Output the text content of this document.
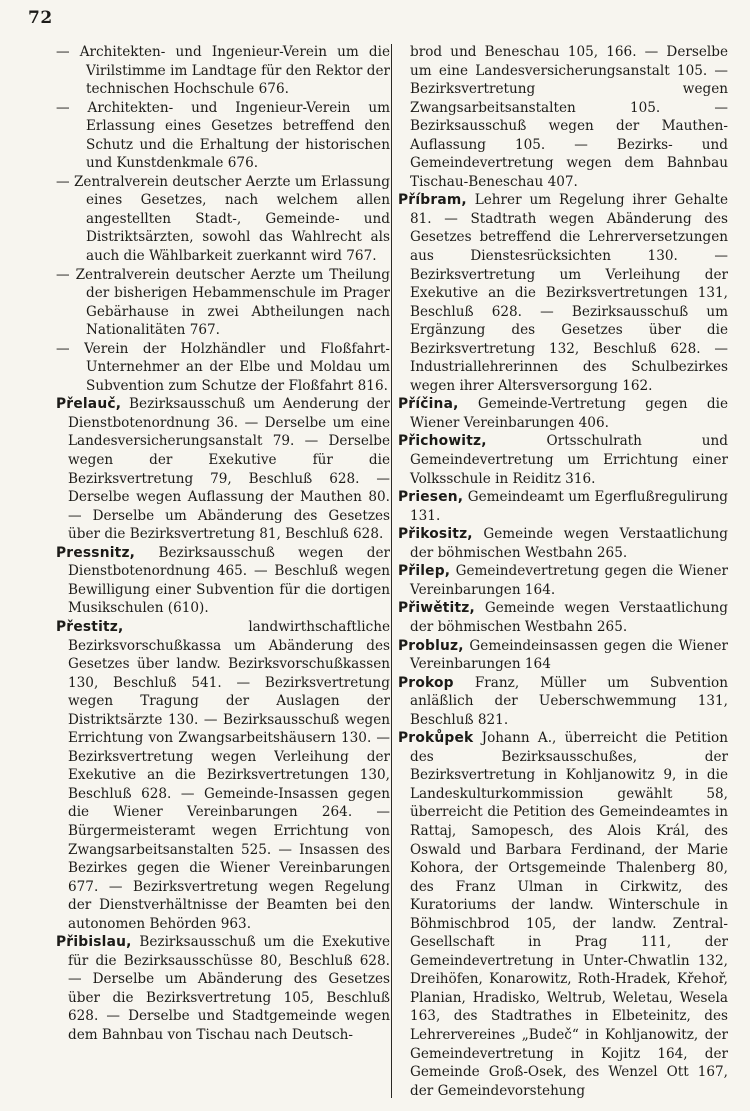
72

— Architekten- und Ingenieur-Verein um die Virilstimme im Landtage für den Rektor der technischen Hochschule 676.

— Architekten- und Ingenieur-Verein um Erlassung eines Gesetzes betreffend den Schutz und die Erhaltung der historischen und Kunstdenkmale 676.

— Zentralverein deutscher Aerzte um Erlassung eines Gesetzes, nach welchem allen angestellten Stadt-, Gemeinde- und Distriktsärzten, sowohl das Wahlrecht als auch die Wählbarkeit zuerkannt wird 767.

— Zentralverein deutscher Aerzte um Theilung der bisherigen Hebammenschule im Prager Gebärhause in zwei Abtheilungen nach Nationalitäten 767.

— Verein der Holzhändler und Floßfahrt-Unternehmer an der Elbe und Moldau um Subvention zum Schutze der Floßfahrt 816.

Přelauč, Bezirksausschuß um Aenderung der Dienstbotenordnung 36. — Derselbe um eine Landesversicherungsanstalt 79. — Derselbe wegen der Exekutive für die Bezirksvertretung 79, Beschluß 628. — Derselbe wegen Auflassung der Mauthen 80. — Derselbe um Abänderung des Gesetzes über die Bezirksvertretung 81, Beschluß 628.

Pressnitz, Bezirksausschuß wegen der Dienstbotenordnung 465. — Beschluß wegen Bewilligung einer Subvention für die dortigen Musikschulen (610).

Přestitz, landwirthschaftliche Bezirksvorschußkassa um Abänderung des Gesetzes über landw. Bezirksvorschußkassen 130, Beschluß 541. — Bezirksvertretung wegen Tragung der Auslagen der Distriktsärzte 130. — Bezirksausschuß wegen Errichtung von Zwangsarbeitshäusern 130. — Bezirksvertretung wegen Verleihung der Exekutive an die Bezirksvertretungen 130, Beschluß 628. — Gemeinde-Insassen gegen die Wiener Vereinbarungen 264. — Bürgermeisteramt wegen Errichtung von Zwangsarbeitsanstalten 525. — Insassen des Bezirkes gegen die Wiener Vereinbarungen 677. — Bezirksvertretung wegen Regelung der Dienstverhältnisse der Beamten bei den autonomen Behörden 963.

Přibislau, Bezirksausschuß um die Exekutive für die Bezirksausschüsse 80, Beschluß 628. — Derselbe um Abänderung des Gesetzes über die Bezirksvertretung 105, Beschluß 628. — Derselbe und Stadtgemeinde wegen dem Bahnbau von Tischau nach Deutsch-

brod und Beneschau 105, 166. — Derselbe um eine Landesversicherungsanstalt 105. — Bezirksvertretung wegen Zwangsarbeitsanstalten 105. — Bezirksausschuß wegen der Mauthen-Auflassung 105. — Bezirks- und Gemeindevertretung wegen dem Bahnbau Tischau-Beneschau 407.

Příbram, Lehrer um Regelung ihrer Gehalte 81. — Stadtrath wegen Abänderung des Gesetzes betreffend die Lehrerversetzungen aus Dienstesrücksichten 130. — Bezirksvertretung um Verleihung der Exekutive an die Bezirksvertretungen 131, Beschluß 628. — Bezirksausschuß um Ergänzung des Gesetzes über die Bezirksvertretung 132, Beschluß 628. — Industriallehrerinnen des Schulbezirkes wegen ihrer Altersversorgung 162.

Příčina, Gemeinde-Vertretung gegen die Wiener Vereinbarungen 406.

Přichowitz, Ortsschulrath und Gemeindevertretung um Errichtung einer Volksschule in Reiditz 316.

Priesen, Gemeindeamt um Egerflußregulirung 131.

Přikositz, Gemeinde wegen Verstaatlichung der böhmischen Westbahn 265.

Přilep, Gemeindevertretung gegen die Wiener Vereinbarungen 164.

Přiwětitz, Gemeinde wegen Verstaatlichung der böhmischen Westbahn 265.

Probluz, Gemeindeinsassen gegen die Wiener Vereinbarungen 164

Prokop Franz, Müller um Subvention anläßlich der Ueberschwemmung 131, Beschluß 821.

Prokůpek Johann A., überreicht die Petition des Bezirksausschußes, der Bezirksvertretung in Kohljanowitz 9, in die Landeskulturkommission gewählt 58, überreicht die Petition des Gemeindeamtes in Rattaj, Samopesch, des Alois Král, des Oswald und Barbara Ferdinand, der Marie Kohora, der Ortsgemeinde Thalenberg 80, des Franz Ulman in Cirkwitz, des Kuratoriums der landw. Winterschule in Böhmischbrod 105, der landw. Zentral-Gesellschaft in Prag 111, der Gemeindevertretung in Unter-Chwatlin 132, Dreihöfen, Konarowitz, Roth-Hradek, Křehoř, Planian, Hradisko, Weltrub, Weletau, Wesela 163, des Stadtrathes in Elbeteinitz, des Lehrervereines „Budeč“ in Kohljanowitz, der Gemeindevertretung in Kojitz 164, der Gemeinde Groß-Osek, des Wenzel Ott 167, der Gemeindevorstehung
